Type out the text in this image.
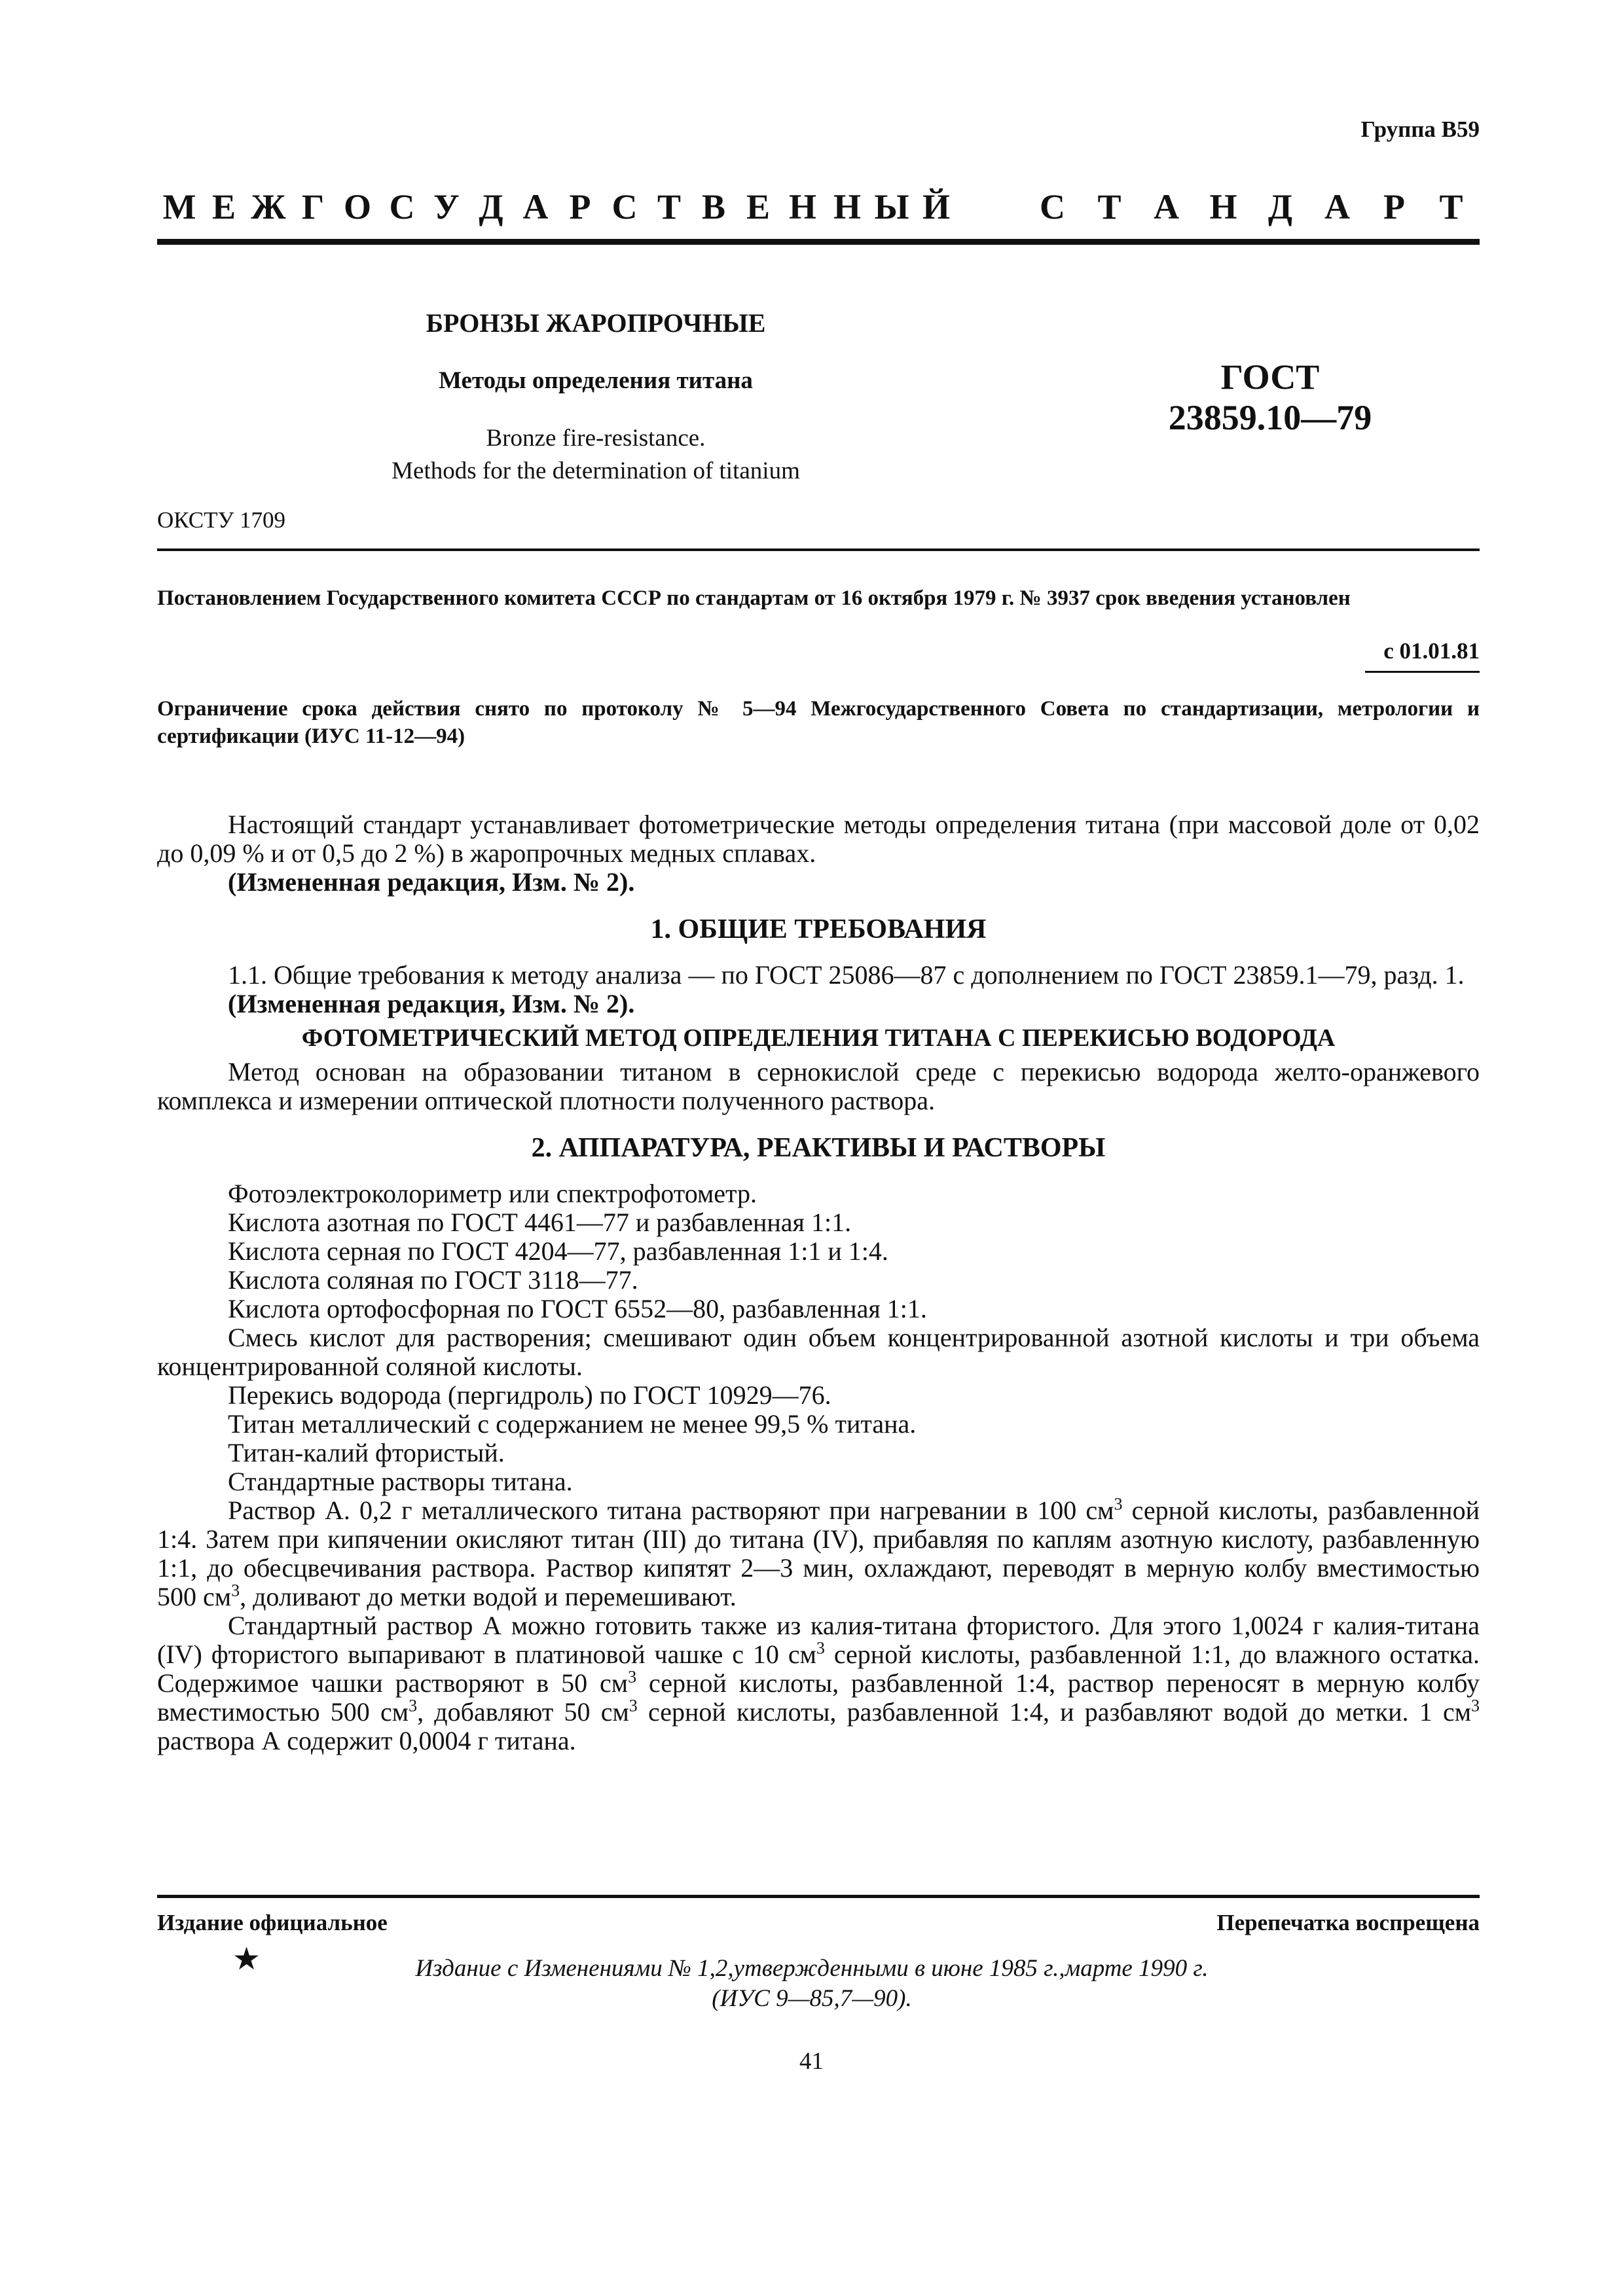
Группа В59
М Е Ж Г О С У Д А Р С Т В Е Н Н Ы Й	С Т А Н Д А Р Т
БРОНЗЫ ЖАРОПРОЧНЫЕ
Методы определения титана
Bronze fire-resistance.
Methods for the determination of titanium
ГОСТ
23859.10—79
ОКСТУ 1709
Постановлением Государственного комитета СССР по стандартам от 16 октября 1979 г. № 3937 срок введения установлен
с 01.01.81
Ограничение срока действия снято по протоколу № 5—94 Межгосударственного Совета по стандартизации, метрологии и сертификации (ИУС 11-12—94)

Настоящий стандарт устанавливает фотометрические методы определения титана (при массовой доле от 0,02 до 0,09 % и от 0,5 до 2 %) в жаропрочных медных сплавах.

(Измененная редакция, Изм. № 2).

1. ОБЩИЕ ТРЕБОВАНИЯ

1.1. Общие требования к методу анализа — по ГОСТ 25086—87 с дополнением по ГОСТ 23859.1—79, разд. 1.

(Измененная редакция, Изм. № 2).

ФОТОМЕТРИЧЕСКИЙ МЕТОД ОПРЕДЕЛЕНИЯ ТИТАНА С ПЕРЕКИСЬЮ ВОДОРОДА

Метод основан на образовании титаном в сернокислой среде с перекисью водорода желто-оранжевого комплекса и измерении оптической плотности полученного раствора.

2. АППАРАТУРА, РЕАКТИВЫ И РАСТВОРЫ

Фотоэлектроколориметр или спектрофотометр.

Кислота азотная по ГОСТ 4461—77 и разбавленная 1:1.

Кислота серная по ГОСТ 4204—77, разбавленная 1:1 и 1:4.

Кислота соляная по ГОСТ 3118—77.

Кислота ортофосфорная по ГОСТ 6552—80, разбавленная 1:1.

Смесь кислот для растворения; смешивают один объем концентрированной азотной кислоты и три объема концентрированной соляной кислоты.

Перекись водорода (пергидроль) по ГОСТ 10929—76.

Титан металлический с содержанием не менее 99,5 % титана.

Титан-калий фтористый.

Стандартные растворы титана.

Раствор А. 0,2 г металлического титана растворяют при нагревании в 100 $см^3$ серной кислоты, разбавленной 1:4. Затем при кипячении окисляют титан (III) до титана (IV), прибавляя по каплям азотную кислоту, разбавленную 1:1, до обесцвечивания раствора. Раствор кипятят 2—3 мин, охлаждают, переводят в мерную колбу вместимостью 500 $см^3$, доливают до метки водой и перемешивают.

Стандартный раствор А можно готовить также из калия-титана фтористого. Для этого 1,0024 г калия-титана (IV) фтористого выпаривают в платиновой чашке с 10 $см^3$ серной кислоты, разбавленной 1:1, до влажного остатка. Содержимое чашки растворяют в 50 $см^3$ серной кислоты, разбавленной 1:4, раствор переносят в мерную колбу вместимостью 500 $см^3$, добавляют 50 $см^3$ серной кислоты, разбавленной 1:4, и разбавляют водой до метки. 1 $см^3$ раствора А содержит 0,0004 г титана.

Издание официальное	Перепечатка воспрещена
★	Издание с Изменениями № 1,2,утвержденными в июне 1985 г.,марте 1990 г.
(ИУС 9—85,7—90).
41
